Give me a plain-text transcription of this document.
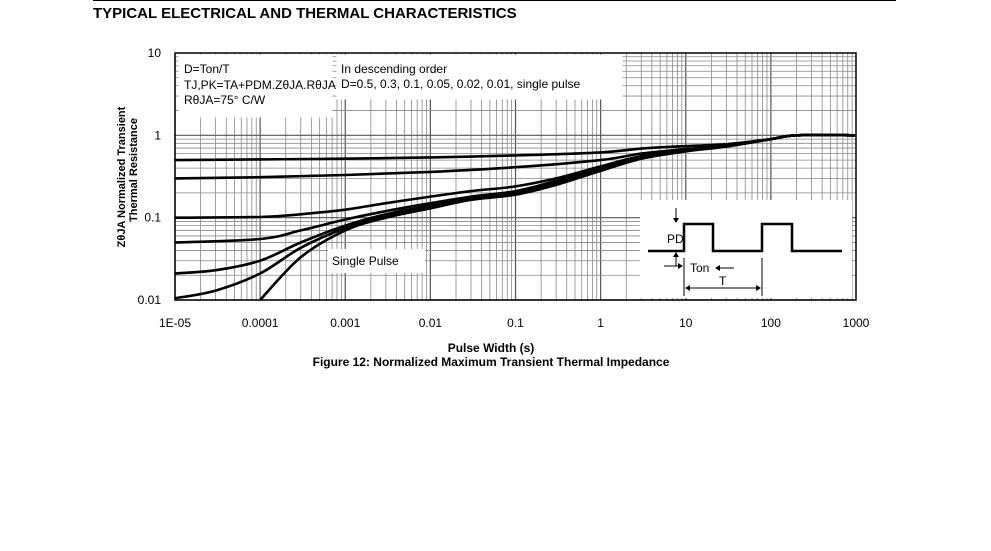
TYPICAL ELECTRICAL AND THERMAL CHARACTERISTICS
1E-05	0.0001	0.001	0.01	0.1	1	10	100	1000
0.01
0.1
1
10
D=Ton/T
TJ,PK=TA+PDM.ZθJA.RθJA
RθJA=75° C/W
In descending order
D=0.5, 0.3, 0.1, 0.05, 0.02, 0.01, single pulse
Single Pulse
PD
Ton
T
Pulse Width (s)
ZθJA Normalized Transient Thermal Resistance
Figure 12: Normalized Maximum Transient Thermal Impedance
